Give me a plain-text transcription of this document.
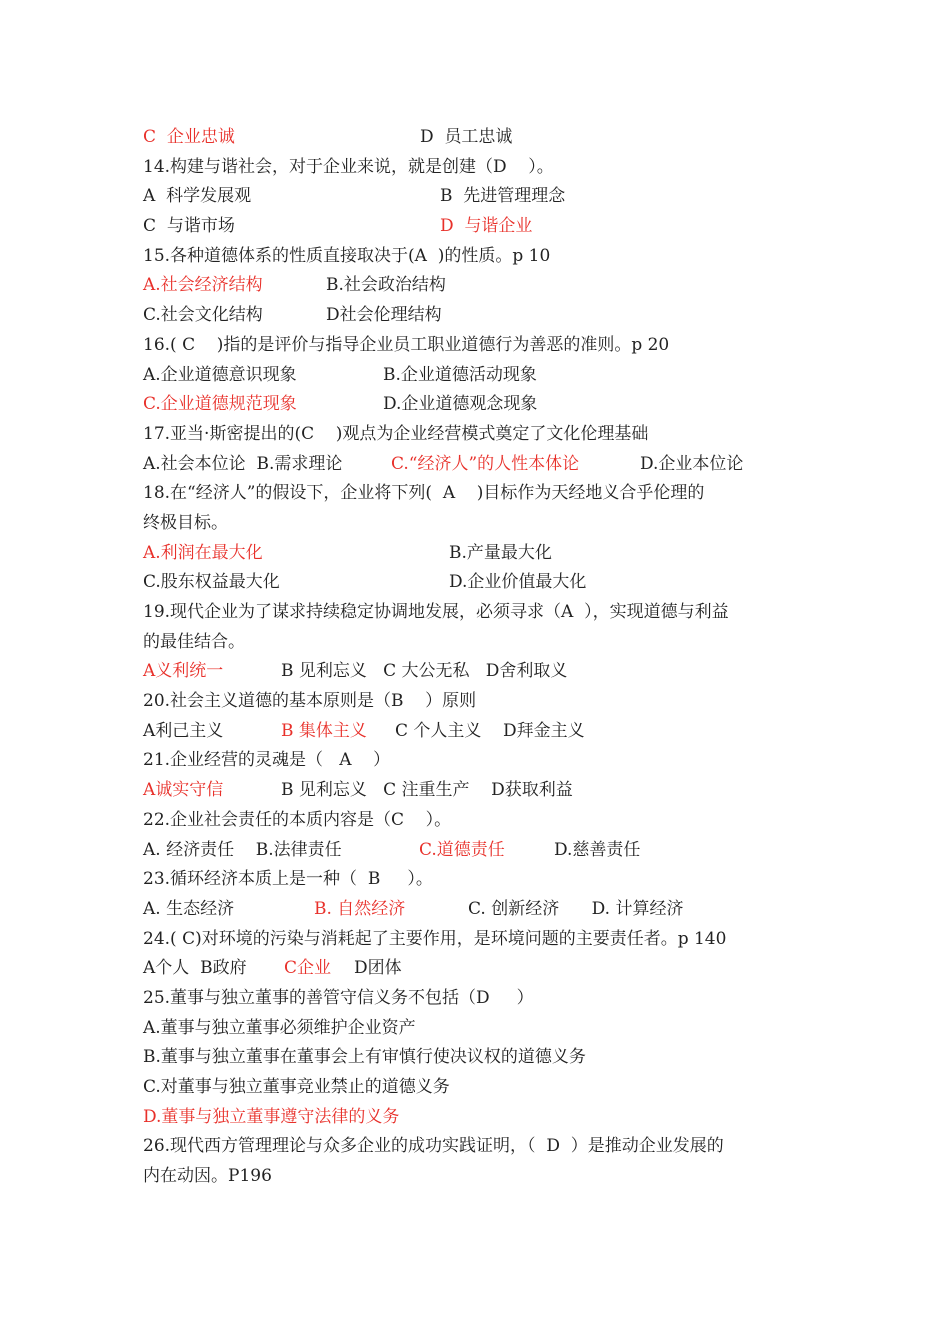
C  企业忠诚	D  员工忠诚
14.构建与谐社会，对于企业来说，就是创建（D    ）。
A  科学发展观	B  先进管理理念
C  与谐市场	D  与谐企业
15.各种道德体系的性质直接取决于(A  )的性质。p 10
A.社会经济结构	B.社会政治结构
C.社会文化结构	D社会伦理结构
16.( C    )指的是评价与指导企业员工职业道德行为善恶的准则。p 20
A.企业道德意识现象	B.企业道德活动现象
C.企业道德规范现象	D.企业道德观念现象
17.亚当·斯密提出的(C    )观点为企业经营模式奠定了文化伦理基础
A.社会本位论  B.需求理论	C.“经济人”的人性本体论	D.企业本位论
18.在“经济人”的假设下，企业将下列(  A    )目标作为天经地义合乎伦理的
终极目标。
A.利润在最大化	B.产量最大化
C.股东权益最大化	D.企业价值最大化
19.现代企业为了谋求持续稳定协调地发展，必须寻求（A  ），实现道德与利益
的最佳结合。
A义利统一	B 见利忘义   C 大公无私   D舍利取义
20.社会主义道德的基本原则是（B    ）原则
A利己主义	B 集体主义 C 个人主义    D拜金主义
21.企业经营的灵魂是（   A    ）
A诚实守信	B 见利忘义   C 注重生产    D获取利益
22.企业社会责任的本质内容是（C    ）。
A. 经济责任    B.法律责任	C.道德责任	D.慈善责任
23.循环经济本质上是一种（  B     ）。
A. 生态经济	B. 自然经济	C. 创新经济      D. 计算经济
24.( C)对环境的污染与消耗起了主要作用，是环境问题的主要责任者。p 140
A个人  B政府 C企业 D团体
25.董事与独立董事的善管守信义务不包括（D     ）
A.董事与独立董事必须维护企业资产
B.董事与独立董事在董事会上有审慎行使决议权的道德义务
C.对董事与独立董事竞业禁止的道德义务
D.董事与独立董事遵守法律的义务
26.现代西方管理理论与众多企业的成功实践证明，（  D  ）是推动企业发展的
内在动因。P196
